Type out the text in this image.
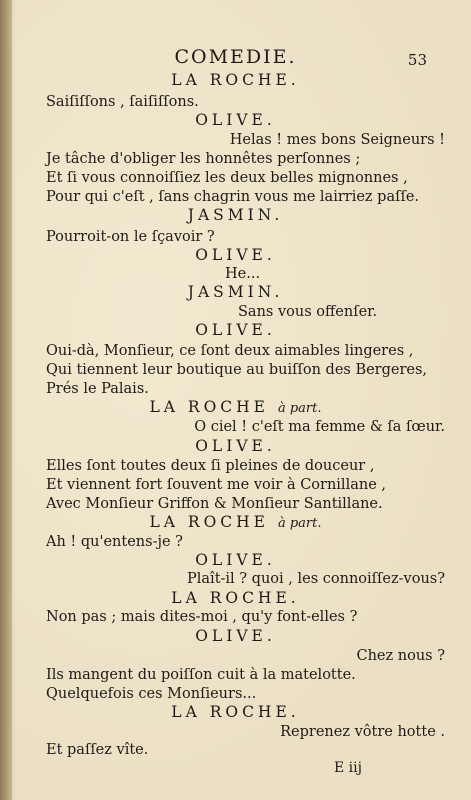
COMEDIE.	53
LA ROCHE.
Saiſiſſons , ſaiſiſſons.
OLIVE.
Helas ! mes bons Seigneurs !
Je tâche d'obliger les honnêtes perſonnes ;
Et ſi vous connoiſſiez les deux belles mignonnes ,
Pour qui c'eſt , ſans chagrin vous me lairriez paſſe.
JASMIN.
Pourroit-on le ſçavoir ?
OLIVE.
He...
JASMIN.
Sans vous offenſer.
OLIVE.
Oui-dà, Monſieur, ce ſont deux aimables lingeres ,
Qui tiennent leur boutique au buiſſon des Bergeres,
Prés le Palais.
LA ROCHE à part.
O ciel ! c'eſt ma femme & ſa ſœur.
OLIVE.
Elles ſont toutes deux ſi pleines de douceur ,
Et viennent fort ſouvent me voir à Cornillane ,
Avec Monſieur Griffon & Monſieur Santillane.
LA ROCHE à part.
Ah ! qu'entens-je ?
OLIVE.
Plaît-il ? quoi , les connoiſſez-vous?
LA ROCHE.
Non pas ; mais dites-moi , qu'y font-elles ?
OLIVE.
Chez nous ?
Ils mangent du poiſſon cuit à la matelotte.
Quelquefois ces Monſieurs...
LA ROCHE.
Reprenez vôtre hotte .
Et paſſez vîte.
E iij
